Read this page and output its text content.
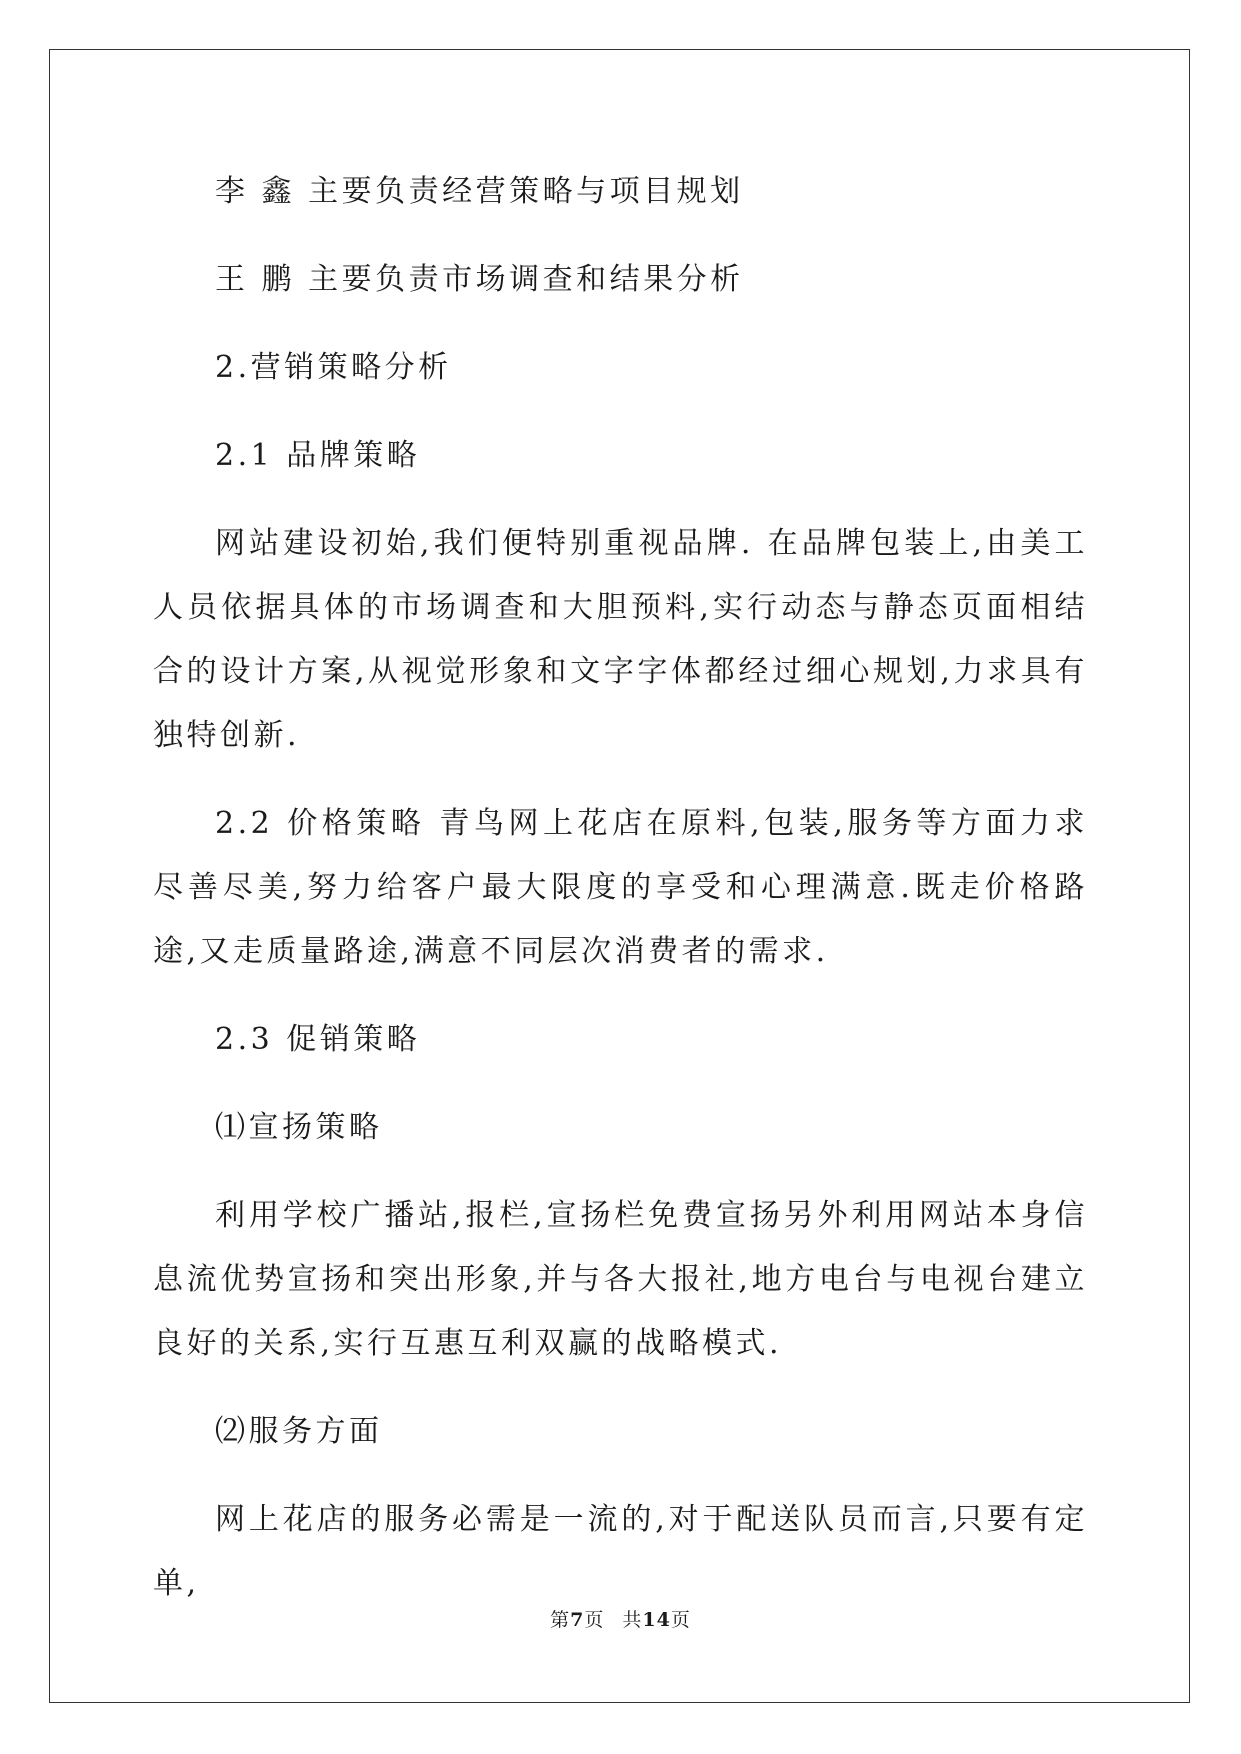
李 鑫 主要负责经营策略与项目规划

王 鹏 主要负责市场调查和结果分析

2.营销策略分析

2.1 品牌策略

网站建设初始,我们便特别重视品牌. 在品牌包装上,由美工人员依据具体的市场调查和大胆预料,实行动态与静态页面相结合的设计方案,从视觉形象和文字字体都经过细心规划,力求具有独特创新.

2.2 价格策略 青鸟网上花店在原料,包装,服务等方面力求尽善尽美,努力给客户最大限度的享受和心理满意.既走价格路途,又走质量路途,满意不同层次消费者的需求.

2.3 促销策略

⑴宣扬策略

利用学校广播站,报栏,宣扬栏免费宣扬另外利用网站本身信息流优势宣扬和突出形象,并与各大报社,地方电台与电视台建立良好的关系,实行互惠互利双赢的战略模式.

⑵服务方面

网上花店的服务必需是一流的,对于配送队员而言,只要有定单,

第7页 共14页
